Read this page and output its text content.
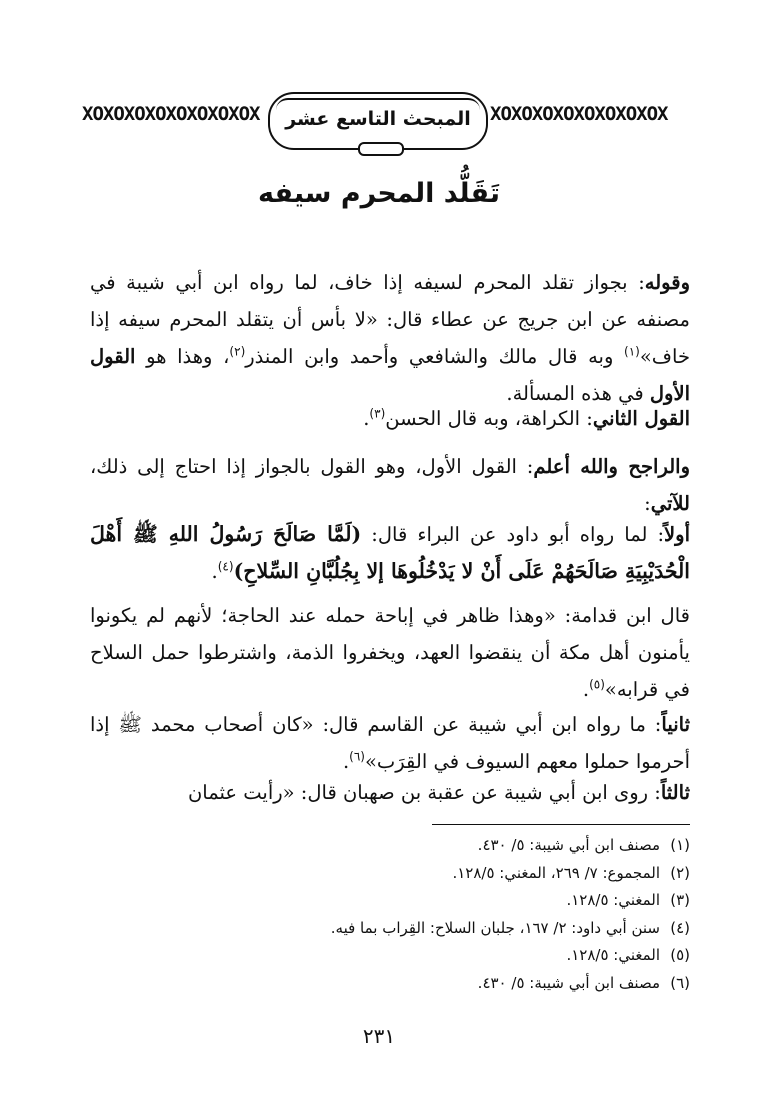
XOXOXOXOXOXOXOXOX
XOXOXOXOXOXOXOXOX	المبحث التاسع عشر
تَقَلُّد المحرم سيفه

وقوله: بجواز تقلد المحرم لسيفه إذا خاف، لما رواه ابن أبي شيبة في مصنفه عن ابن جريج عن عطاء قال: «لا بأس أن يتقلد المحرم سيفه إذا خاف»$^{(١)}$ وبه قال مالك والشافعي وأحمد وابن المنذر$^{(٢)}$، وهذا هو القول الأول في هذه المسألة.

القول الثاني: الكراهة، وبه قال الحسن$^{(٣)}$.

والراجح والله أعلم: القول الأول، وهو القول بالجواز إذا احتاج إلى ذلك، للآتي:

أولاً: لما رواه أبو داود عن البراء قال: (لَمَّا صَالَحَ رَسُولُ اللهِ ﷺ أَهْلَ الْحُدَيْبِيَةِ صَالَحَهُمْ عَلَى أَنْ لا يَدْخُلُوهَا إلا بِجُلُبَّانِ السِّلاحِ)$^{(٤)}$.

قال ابن قدامة: «وهذا ظاهر في إباحة حمله عند الحاجة؛ لأنهم لم يكونوا يأمنون أهل مكة أن ينقضوا العهد، ويخفروا الذمة، واشترطوا حمل السلاح في قرابه»$^{(٥)}$.

ثانياً: ما رواه ابن أبي شيبة عن القاسم قال: «كان أصحاب محمد ﷺ إذا أحرموا حملوا معهم السيوف في القِرَب»$^{(٦)}$.

ثالثاً: روى ابن أبي شيبة عن عقبة بن صهبان قال: «رأيت عثمان

(١)مصنف ابن أبي شيبة: ٥/ ٤٣٠.
(٢)المجموع: ٧/ ٢٦٩، المغني: ١٢٨/٥.
(٣)المغني: ١٢٨/٥.
(٤)سنن أبي داود: ٢/ ١٦٧، جلبان السلاح: القِراب بما فيه.
(٥)المغني: ١٢٨/٥.
(٦)مصنف ابن أبي شيبة: ٥/ ٤٣٠.
٢٣١
